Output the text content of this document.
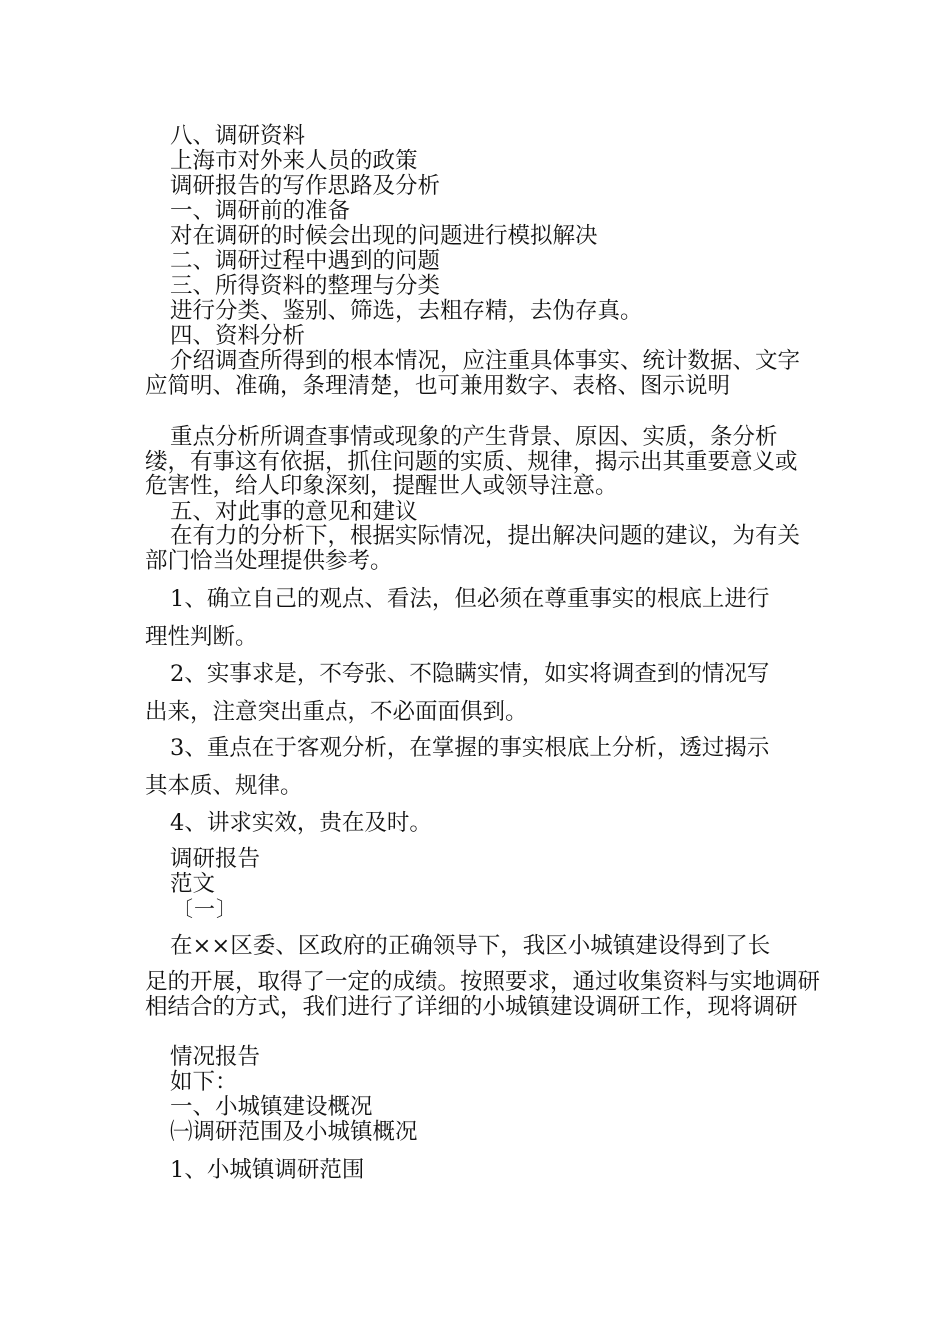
八、调研资料

上海市对外来人员的政策

调研报告的写作思路及分析

一、调研前的准备

对在调研的时候会出现的问题进行模拟解决

二、调研过程中遇到的问题

三、所得资料的整理与分类

进行分类、鉴别、筛选，去粗存精，去伪存真。

四、资料分析

介绍调查所得到的根本情况，应注重具体事实、统计数据、文字应简明、准确，条理清楚，也可兼用数字、表格、图示说明

重点分析所调查事情或现象的产生背景、原因、实质，条分析缕，有事这有依据，抓住问题的实质、规律，揭示出其重要意义或危害性，给人印象深刻，提醒世人或领导注意。

五、对此事的意见和建议

在有力的分析下，根据实际情况，提出解决问题的建议，为有关部门恰当处理提供参考。

1、确立自己的观点、看法，但必须在尊重事实的根底上进行

理性判断。

2、实事求是，不夸张、不隐瞒实情，如实将调查到的情况写

出来，注意突出重点，不必面面俱到。

3、重点在于客观分析，在掌握的事实根底上分析，透过揭示

其本质、规律。

4、讲求实效，贵在及时。

调研报告

范文

〔一〕

在××区委、区政府的正确领导下，我区小城镇建设得到了长

足的开展，取得了一定的成绩。按照要求，通过收集资料与实地调研相结合的方式，我们进行了详细的小城镇建设调研工作，现将调研

情况报告

如下：

一、小城镇建设概况

㈠调研范围及小城镇概况

1、小城镇调研范围
